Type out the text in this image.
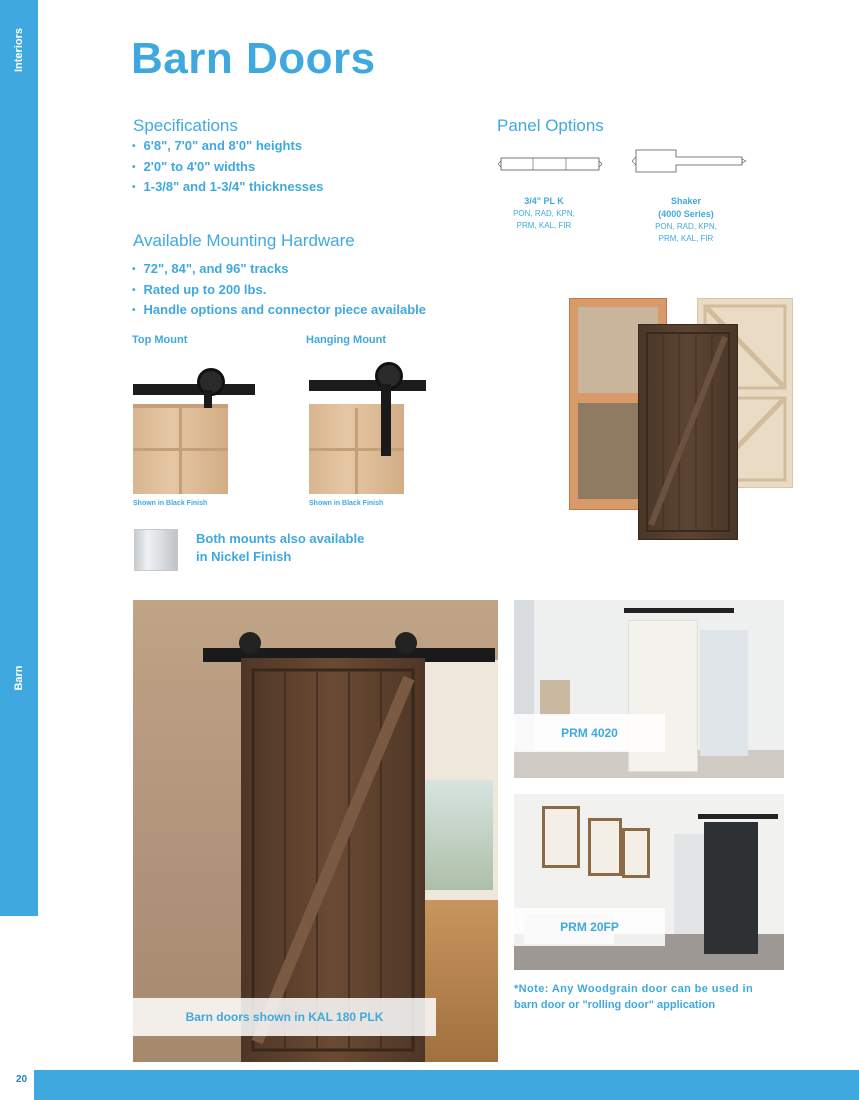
Interiors
Barn
20
Barn Doors
Specifications
• 6'8", 7'0" and 8'0" heights
• 2'0" to 4'0" widths
• 1-3/8" and 1-3/4" thicknesses
Panel Options
3/4" PL K
PON, RAD, KPN,
PRM, KAL, FIR
Shaker
(4000 Series)
PON, RAD, KPN,
PRM, KAL, FIR
Available Mounting Hardware
• 72", 84", and 96" tracks
• Rated up to 200 lbs.
• Handle options and connector piece available
Top Mount	Hanging Mount
Shown in Black Finish	Shown in Black Finish
Both mounts also available
in Nickel Finish
Barn doors shown in KAL 180 PLK
PRM 4020
PRM 20FP
*Note: Any Woodgrain door can be used in
barn door or "rolling door" application
